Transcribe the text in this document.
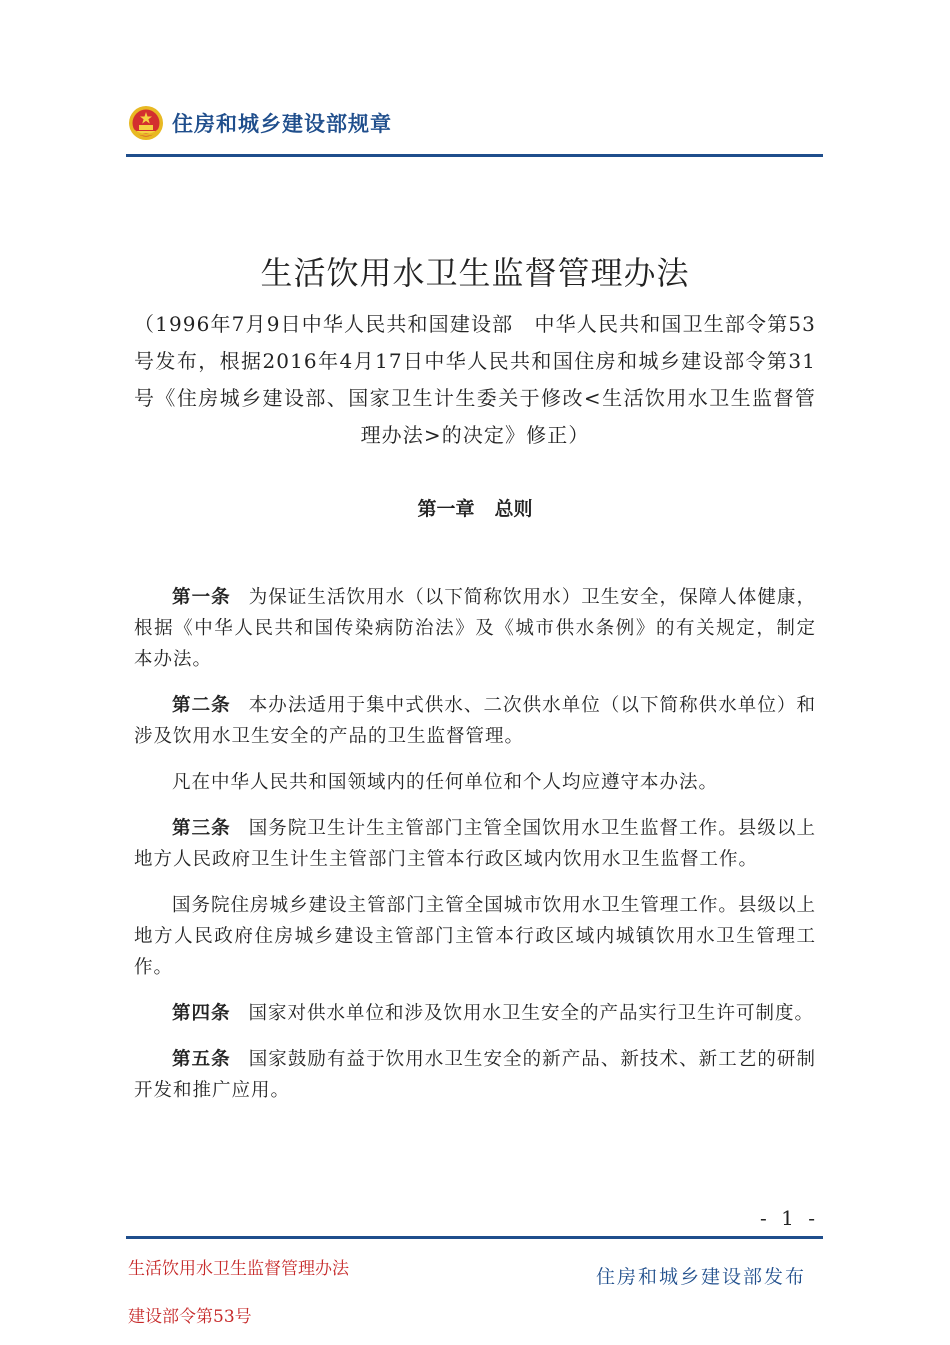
住房和城乡建设部规章
生活饮用水卫生监督管理办法
（1996年7月9日中华人民共和国建设部　中华人民共和国卫生部令第53号发布，根据2016年4月17日中华人民共和国住房和城乡建设部令第31号《住房城乡建设部、国家卫生计生委关于修改<生活饮用水卫生监督管理办法>的决定》修正）
第一章 总则

第一条 为保证生活饮用水（以下简称饮用水）卫生安全，保障人体健康，根据《中华人民共和国传染病防治法》及《城市供水条例》的有关规定，制定本办法。

第二条 本办法适用于集中式供水、二次供水单位（以下简称供水单位）和涉及饮用水卫生安全的产品的卫生监督管理。

凡在中华人民共和国领域内的任何单位和个人均应遵守本办法。

第三条 国务院卫生计生主管部门主管全国饮用水卫生监督工作。县级以上地方人民政府卫生计生主管部门主管本行政区域内饮用水卫生监督工作。

国务院住房城乡建设主管部门主管全国城市饮用水卫生管理工作。县级以上地方人民政府住房城乡建设主管部门主管本行政区域内城镇饮用水卫生管理工作。

第四条 国家对供水单位和涉及饮用水卫生安全的产品实行卫生许可制度。

第五条 国家鼓励有益于饮用水卫生安全的新产品、新技术、新工艺的研制开发和推广应用。

- 1 -
生活饮用水卫生监督管理办法
建设部令第53号
住房和城乡建设部发布
